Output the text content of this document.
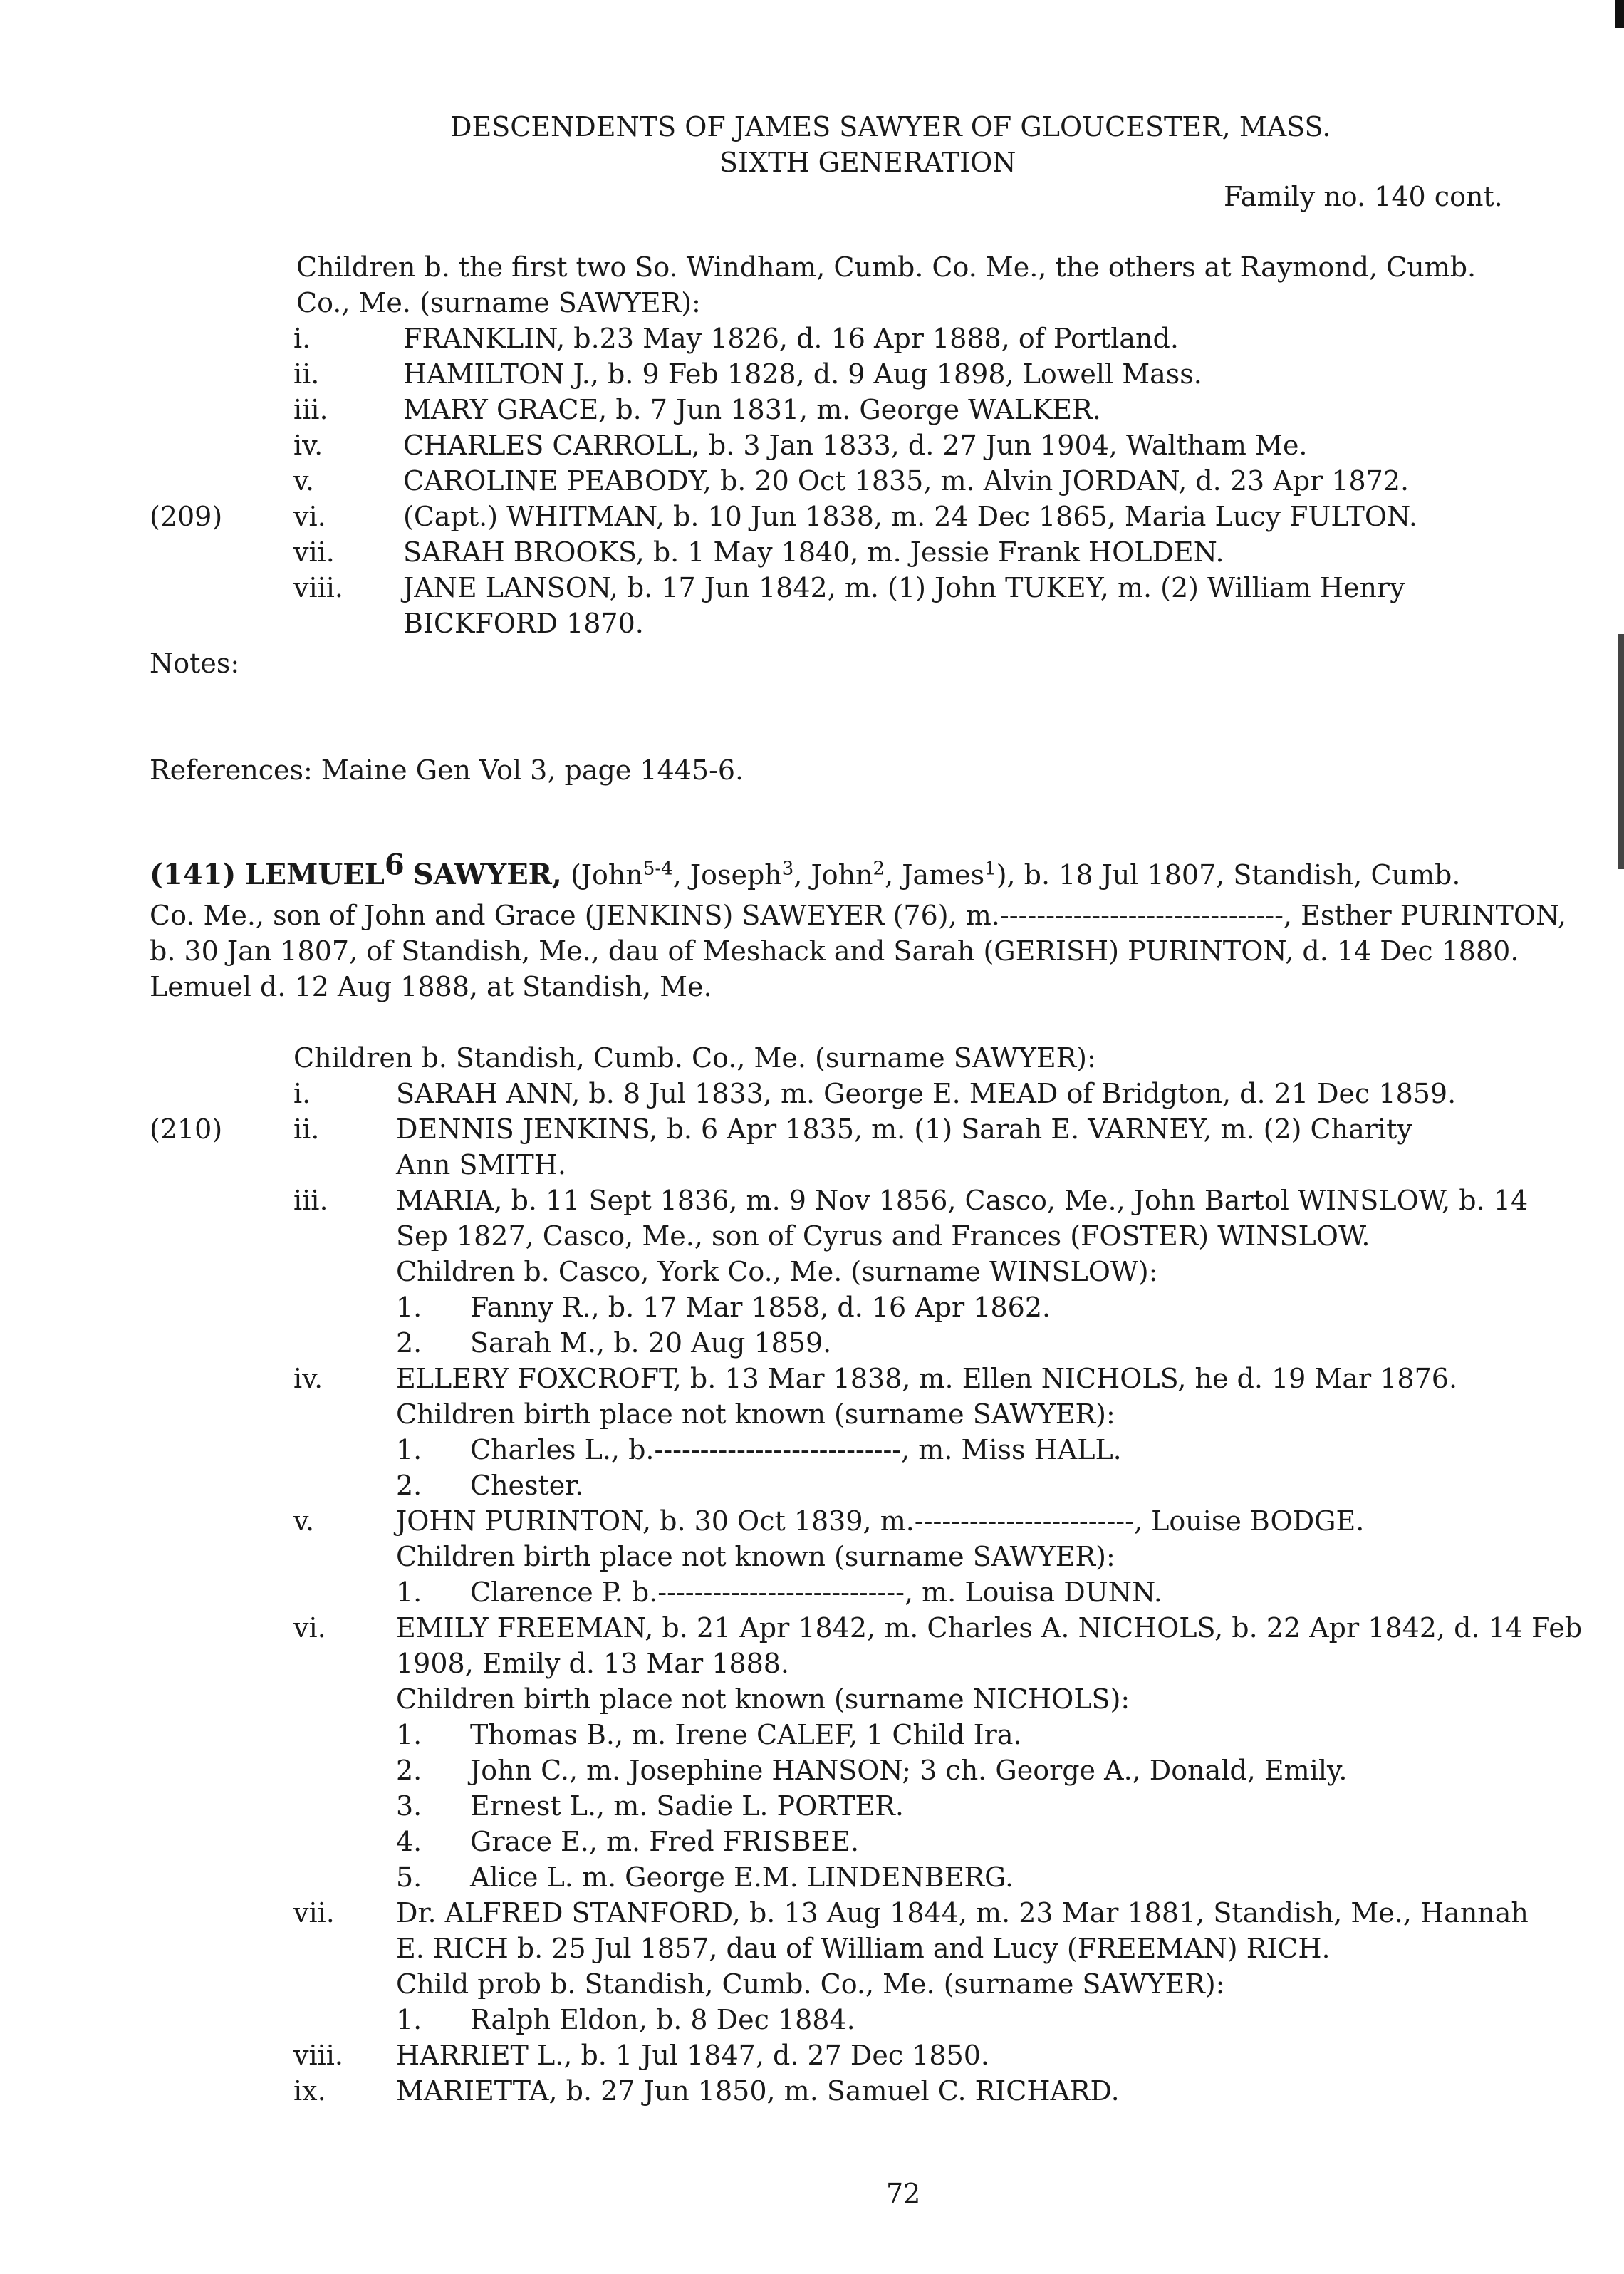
DESCENDENTS OF JAMES SAWYER OF GLOUCESTER, MASS.
SIXTH GENERATION
Family no. 140 cont.
Children b. the first two So. Windham, Cumb. Co. Me., the others at Raymond, Cumb.
Co., Me. (surname SAWYER):
i.	FRANKLIN, b.23 May 1826, d. 16 Apr 1888, of Portland.
ii.	HAMILTON J., b. 9 Feb 1828, d. 9 Aug 1898, Lowell Mass.
iii.	MARY GRACE, b. 7 Jun 1831, m. George WALKER.
iv.	CHARLES CARROLL, b. 3 Jan 1833, d. 27 Jun 1904, Waltham Me.
v.	CAROLINE PEABODY, b. 20 Oct 1835, m. Alvin JORDAN, d. 23 Apr 1872.
(209)	vi.	(Capt.) WHITMAN, b. 10 Jun 1838, m. 24 Dec 1865, Maria Lucy FULTON.
vii.	SARAH BROOKS, b. 1 May 1840, m. Jessie Frank HOLDEN.
viii. JANE LANSON, b. 17 Jun 1842, m. (1) John TUKEY, m. (2) William Henry
BICKFORD 1870.
Notes:
References: Maine Gen Vol 3, page 1445-6.
(141) LEMUEL$^6$ SAWYER, (John$^{5-4}$, Joseph$^3$, John$^2$, James$^1$), b. 18 Jul 1807, Standish, Cumb.
Co. Me., son of John and Grace (JENKINS) SAWEYER (76), m.-------------------------------, Esther PURINTON,
b. 30 Jan 1807, of Standish, Me., dau of Meshack and Sarah (GERISH) PURINTON, d. 14 Dec 1880.
Lemuel d. 12 Aug 1888, at Standish, Me.
Children b. Standish, Cumb. Co., Me. (surname SAWYER):
i.	SARAH ANN, b. 8 Jul 1833, m. George E. MEAD of Bridgton, d. 21 Dec 1859.
(210)	ii.	DENNIS JENKINS, b. 6 Apr 1835, m. (1) Sarah E. VARNEY, m. (2) Charity
Ann SMITH.
iii.	MARIA, b. 11 Sept 1836, m. 9 Nov 1856, Casco, Me., John Bartol WINSLOW, b. 14
Sep 1827, Casco, Me., son of Cyrus and Frances (FOSTER) WINSLOW.
Children b. Casco, York Co., Me. (surname WINSLOW):
1. Fanny R., b. 17 Mar 1858, d. 16 Apr 1862.
2. Sarah M., b. 20 Aug 1859.
iv.	ELLERY FOXCROFT, b. 13 Mar 1838, m. Ellen NICHOLS, he d. 19 Mar 1876.
Children birth place not known (surname SAWYER):
1. Charles L., b.---------------------------, m. Miss HALL.
2. Chester.
v.	JOHN PURINTON, b. 30 Oct 1839, m.------------------------, Louise BODGE.
Children birth place not known (surname SAWYER):
1. Clarence P. b.---------------------------, m. Louisa DUNN.
vi.	EMILY FREEMAN, b. 21 Apr 1842, m. Charles A. NICHOLS, b. 22 Apr 1842, d. 14 Feb
1908, Emily d. 13 Mar 1888.
Children birth place not known (surname NICHOLS):
1. Thomas B., m. Irene CALEF, 1 Child Ira.
2. John C., m. Josephine HANSON; 3 ch. George A., Donald, Emily.
3. Ernest L., m. Sadie L. PORTER.
4. Grace E., m. Fred FRISBEE.
5. Alice L. m. George E.M. LINDENBERG.
vii. Dr. ALFRED STANFORD, b. 13 Aug 1844, m. 23 Mar 1881, Standish, Me., Hannah
E. RICH b. 25 Jul 1857, dau of William and Lucy (FREEMAN) RICH.
Child prob b. Standish, Cumb. Co., Me. (surname SAWYER):
1. Ralph Eldon, b. 8 Dec 1884.
viii. HARRIET L., b. 1 Jul 1847, d. 27 Dec 1850.
ix.	MARIETTA, b. 27 Jun 1850, m. Samuel C. RICHARD.
72
